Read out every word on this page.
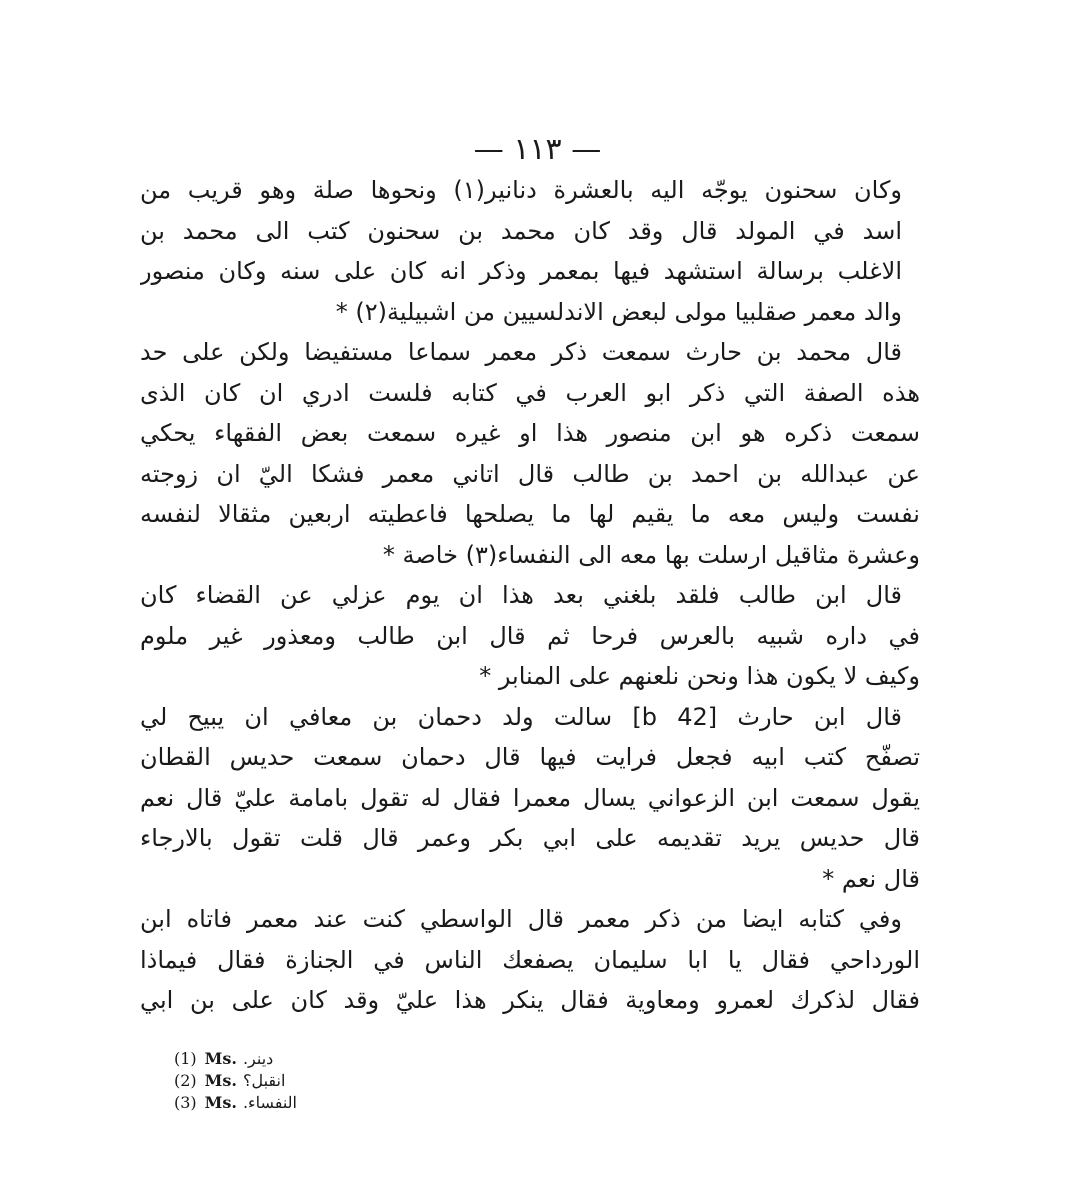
— ١١٣ —

وكان سحنون يوجّه اليه بالعشرة دنانير(١) ونحوها صلة وهو قريب من
اسد في المولد قال وقد كان محمد بن سحنون كتب الى محمد بن
الاغلب برسالة استشهد فيها بمعمر وذكر انه كان على سنه وكان منصور
والد معمر صقلبيا مولى لبعض الاندلسيين من اشبيلية(٢) *

قال محمد بن حارث سمعت ذكر معمر سماعا مستفيضا ولكن على حد
هذه الصفة التي ذكر ابو العرب في كتابه فلست ادري ان كان الذى
سمعت ذكره هو ابن منصور هذا او غيره سمعت بعض الفقهاء يحكي
عن عبدالله بن احمد بن طالب قال اتاني معمر فشكا اليّ ان زوجته
نفست وليس معه ما يقيم لها ما يصلحها فاعطيته اربعين مثقالا لنفسه
وعشرة مثاقيل ارسلت بها معه الى النفساء(٣) خاصة *

قال ابن طالب فلقد بلغني بعد هذا ان يوم عزلي عن القضاء كان
في داره شبيه بالعرس فرحا ثم قال ابن طالب ومعذور غير ملوم
وكيف لا يكون هذا ونحن نلعنهم على المنابر *

قال ابن حارث [42 b] سالت ولد دحمان بن معافي ان يبيح لي
تصفّح كتب ابيه فجعل فرايت فيها قال دحمان سمعت حديس القطان
يقول سمعت ابن الزعواني يسال معمرا فقال له تقول بامامة عليّ قال نعم
قال حديس يريد تقديمه على ابي بكر وعمر قال قلت تقول بالارجاء
قال نعم *

وفي كتابه ايضا من ذكر معمر قال الواسطي كنت عند معمر فاتاه ابن
الورداحي فقال يا ابا سليمان يصفعك الناس في الجنازة فقال فيماذا
فقال لذكرك لعمرو ومعاوية فقال ينكر هذا عليّ وقد كان على بن ابي

(1) Ms. دينر.
(2) Ms. انقبل؟
(3) Ms. النفساء.
